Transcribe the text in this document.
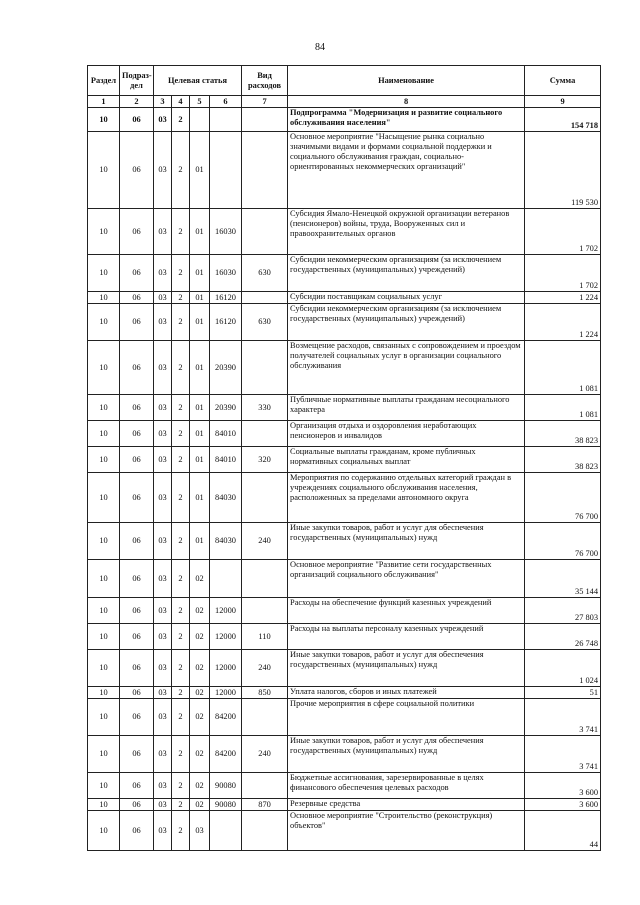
84
Раздел	Подраз-дел	Целевая статья				Вид расходов	Наименование	Сумма
1	2	3	4	5	6	7	8	9
10	06	03	2				Подпрограмма "Модернизация и развитие социального обслуживания населения"	154 718
10	06	03	2	01			Основное мероприятие "Насыщение рынка социально значимыми видами и формами социальной поддержки и социального обслуживания граждан, социально-ориентированных некоммерческих организаций"	119 530
10	06	03	2	01	16030		Субсидия Ямало-Ненецкой окружной организации ветеранов (пенсионеров) войны, труда, Вооруженных сил и правоохранительных органов	1 702
10	06	03	2	01	16030	630	Субсидии некоммерческим организациям (за исключением государственных (муниципальных) учреждений)	1 702
10	06	03	2	01	16120		Субсидии поставщикам социальных услуг	1 224
10	06	03	2	01	16120	630	Субсидии некоммерческим организациям (за исключением государственных (муниципальных) учреждений)	1 224
10	06	03	2	01	20390		Возмещение расходов, связанных с сопровождением и проездом получателей социальных услуг в организации социального обслуживания	1 081
10	06	03	2	01	20390	330	Публичные нормативные выплаты гражданам несоциального характера	1 081
10	06	03	2	01	84010		Организация отдыха и оздоровления неработающих пенсионеров и инвалидов	38 823
10	06	03	2	01	84010	320	Социальные выплаты гражданам, кроме публичных нормативных социальных выплат	38 823
10	06	03	2	01	84030		Мероприятия по содержанию отдельных категорий граждан в учреждениях социального обслуживания населения, расположенных за пределами автономного округа	76 700
10	06	03	2	01	84030	240	Иные закупки товаров, работ и услуг для обеспечения государственных (муниципальных) нужд	76 700
10	06	03	2	02			Основное мероприятие "Развитие сети государственных организаций социального обслуживания"	35 144
10	06	03	2	02	12000		Расходы на обеспечение функций казенных учреждений	27 803
10	06	03	2	02	12000	110	Расходы на выплаты персоналу казенных учреждений	26 748
10	06	03	2	02	12000	240	Иные закупки товаров, работ и услуг для обеспечения государственных (муниципальных) нужд	1 024
10	06	03	2	02	12000	850	Уплата налогов, сборов и иных платежей	51
10	06	03	2	02	84200		Прочие мероприятия в сфере социальной политики	3 741
10	06	03	2	02	84200	240	Иные закупки товаров, работ и услуг для обеспечения государственных (муниципальных) нужд	3 741
10	06	03	2	02	90080		Бюджетные ассигнования, зарезервированные в целях финансового обеспечения целевых расходов	3 600
10	06	03	2	02	90080	870	Резервные средства	3 600
10	06	03	2	03			Основное мероприятие "Строительство (реконструкция) объектов"	44
